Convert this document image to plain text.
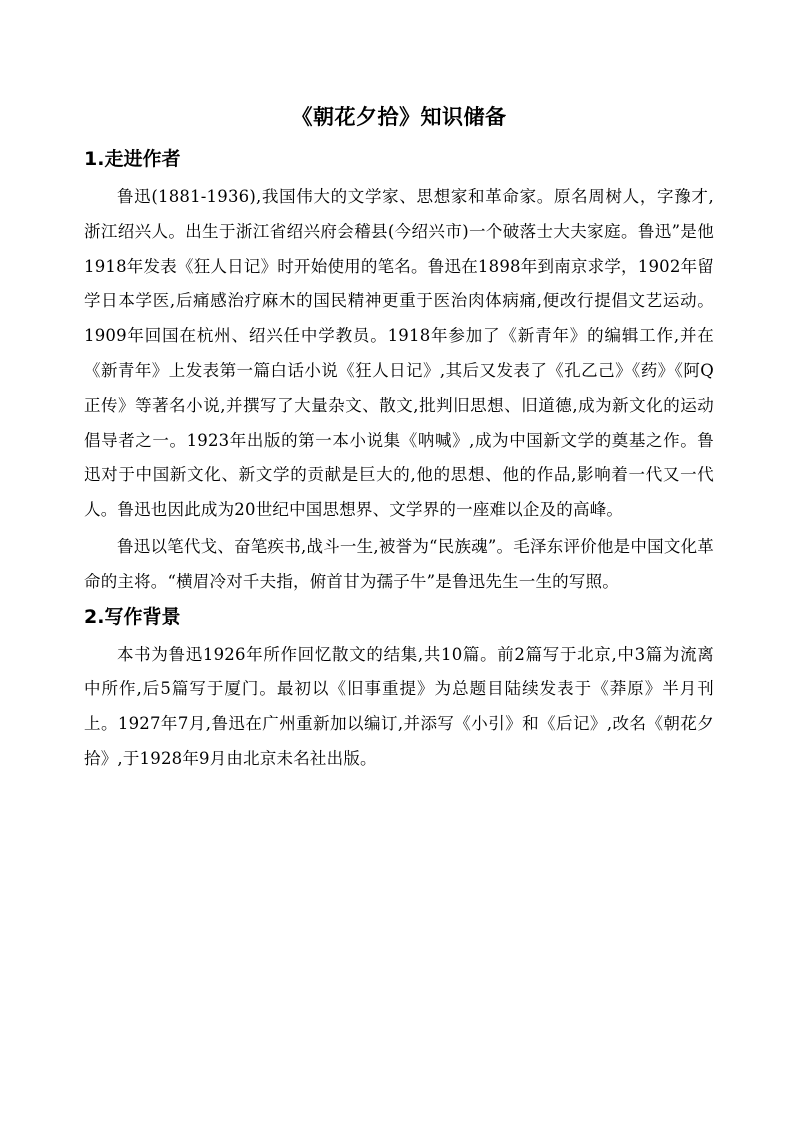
《朝花夕拾》知识储备
1.走进作者

鲁迅(1881-1936),我国伟大的文学家、思想家和革命家。原名周树人，字豫才,浙江绍兴人。出生于浙江省绍兴府会稽县(今绍兴市)一个破落士大夫家庭。鲁迅”是他1918年发表《狂人日记》时开始使用的笔名。鲁迅在1898年到南京求学，1902年留学日本学医,后痛感治疗麻木的国民精神更重于医治肉体病痛,便改行提倡文艺运动。1909年回国在杭州、绍兴任中学教员。1918年参加了《新青年》的编辑工作,并在《新青年》上发表第一篇白话小说《狂人日记》,其后又发表了《孔乙己》《药》《阿Q正传》等著名小说,并撰写了大量杂文、散文,批判旧思想、旧道德,成为新文化的运动倡导者之一。1923年出版的第一本小说集《呐喊》,成为中国新文学的奠基之作。鲁迅对于中国新文化、新文学的贡献是巨大的,他的思想、他的作品,影响着一代又一代人。鲁迅也因此成为20世纪中国思想界、文学界的一座难以企及的高峰。

鲁迅以笔代戈、奋笔疾书,战斗一生,被誉为“民族魂”。毛泽东评价他是中国文化革命的主将。“横眉冷对千夫指，俯首甘为孺子牛”是鲁迅先生一生的写照。

2.写作背景

本书为鲁迅1926年所作回忆散文的结集,共10篇。前2篇写于北京,中3篇为流离中所作,后5篇写于厦门。最初以《旧事重提》为总题目陆续发表于《莽原》半月刊上。1927年7月,鲁迅在广州重新加以编订,并添写《小引》和《后记》,改名《朝花夕拾》,于1928年9月由北京未名社出版。
